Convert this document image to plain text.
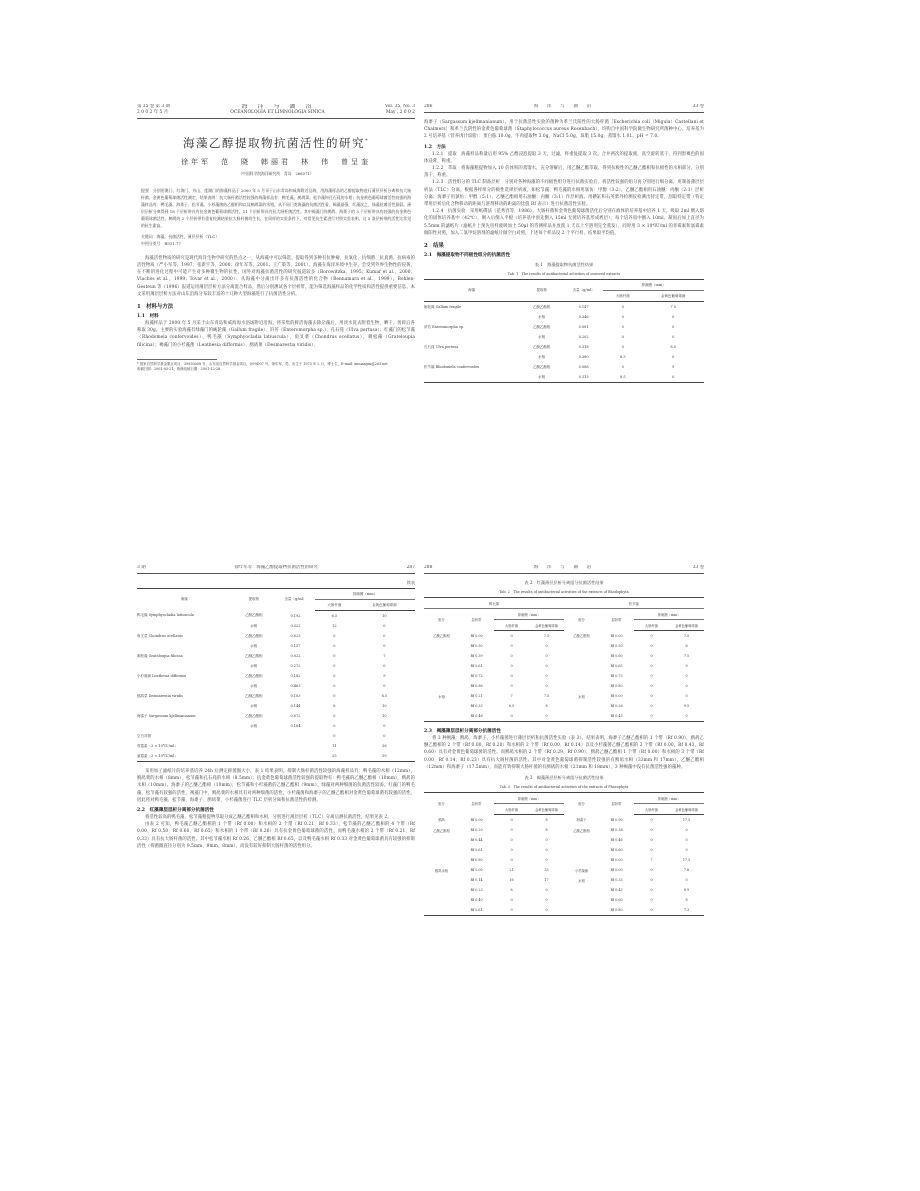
第 35 卷 第 3 期
2 0 0 2 年 5 月
海　洋　与　湖　沼
OCEANOLOGIA ET LIMNOLOGIA SINICA
Vol. 35, No. 3
May , 2 0 0 2
海藻乙醇提取物抗菌活性的研究*
徐年军　范　晓　韩丽君　林　伟　曾呈奎
（中国科学院海洋研究所　青岛　266071）

提要　分别用澳门、红海门、舟山、莲湖门的海藻样品于 2000 年 5 月采于山东青岛和威海附近沿海，用海藻样品的乙醇提取物进行薄层层析分离和抗大肠杆菌、金黄色葡萄球菌活性测定，结果表明：抗大肠杆菌活性较强的海藻样品有：鸭毛藻、鹧鸪菜、松节藻和孔石莼的水相；抗金黄色葡萄球菌活性较强的海藻样品有：鸭毛藻、海黍子、松节藻、小杉藻菌的乙醇相和以及鹧鸪菜的水相。从不同门类海藻的抗菌活性看，褐藻最强，红藻次之，绿藻抗菌活性最弱。薄层层析分离得到 18 个层析带具有抗金黄色葡萄球菌活性，11 个层析带具有抗大肠杆菌活性。其中褐藻门的鹧鸪、海黍子的 3 个层析带具有较强的抗金黄色葡萄球菌活性，鹧鸪的 2 个层析带有重复检测结果抗大肠杆菌的生长，在同样的实验条件下，对常见抗生素进行对照实验表明，这 5 条层析带的活性比常见的抗生素高。

关键词　海藻，抗菌活性，薄层层析（TLC）

中图分类号　R931.77

海藻活性物质的研究是现代海洋生物学研究的热点之一，从海藻中可以筛选、提取得到多种有抗肿瘤、抗氧化、抗细菌、抗真菌、抗病毒的活性物质（严小军等，1997；张新宇等，2000；徐年军等，2001；王广策等，2001）。海藻在海洋环境中生存，会受到外界生物性的侵袭，在不断的进化过程中可能产生对多种微生物的抗性，国外对海藻抗菌活性的研究报道较多（Borowitzka，1995；Kumar et al.，2000；Vlachos et al.，1999；Tovar et al.，2000）；从海藻中分离出许多有抗菌活性的化合物（Bennamara et al.，1999）。Bohlen-Gesteun 等（1996）报道运用薄层层析方法分离混合样品，然后分别测试各个层析带，能为筛选海藻样品的化学性质和活性提供重要信息。本文采用薄层层析方法对山东沿海分布较丰富的十几种大型海藻进行了抗菌活性分析。

1　材料与方法
1.1　材料

海藻样品于 2000 年 5 月采于山东青岛和威海海水浴场附近沿海。将采集的鲜活海藻去除杂藻后，用淡水洗去附着生物、晒干，剪碎后各称取 30g。主要的实验海藻有绿藻门的蛎轮藻（Gallum fragile）、浒苔（Enteromorpha sp.）、孔石莼（Ulva pertusa）；红藻门的松节藻（Rhodomela confervoides）、鸭毛藻（Symphyocladia latiuscula）、角叉菜（Chondrus ocellatus）、刺松藻（Grateloupia filicina）；褐藻门的小杉藻菌（Leathesia difformis）、鹧鸪菜（Desmarestia viridis）、

* 国家自然科学基金重点项目，39930008 号；山东省自然科学基金项目，Q99D07 号。徐年军，男，出生于 1975 年 2 月，博士生，E-mail: xunianjun@263.net
收稿日期：2001-03-21，收修改稿日期：2001-12-28
286	海　　洋　　与　　湖　　沼	33 卷

海黍子（Sargassum kjellmanianum）。用于抗菌活性实验的菌种为革兰氏阳性的大肠杆菌［Escherichia coli（Migula）Castellani et Chalmers］和革兰氏阴性的金黄色葡萄球菌（Staphylococcus aureus Rosenbach），均购自中国科学院微生物研究所菌种中心。培养基为 2 号培养基（营养肉汁琼脂）：蛋白胨 10.0g，牛肉提取物 3.0g，NaCl 5.0g，琼脂 15.0g，蒸馏水 1.0L，pH = 7.0。

1.2　方法

1.2.1　提取　海藻样品称量后用 95% 乙醇浸泡提取 3 天，过滤，将重复提取 3 次，合并两次的提取液，真空旋转蒸干，得到黑褐色的固体浸膏，称重。

1.2.2　萃取　将海藻粗提物加入 10 倍体积的蒸馏水，充分溶解后，用乙醚乙酯萃取，得到抗极性的乙醚乙酯相和抗极性的水相部分，分别蒸干，称重。

1.2.3　活性组分的 TLC 制备层析　分别对各种海藻的不同极性组分进行抗菌实验后，将活性较强的组分再分别进行细分离，用制备薄层层析法（TLC）分离。根据各样组分的极性选择层析液，如松节藻、鸭毛藻的水相用氯仿：甲醇（3:2），乙醚乙酯相用石油醚：丙酮（2:1）层析分离；海黍子用氯仿：甲醇（5:1），乙醚乙酯相用石油醚：丙酮（3:1）作层析液。用碘缸和石英紫外检测仪检测出特定带，刮取特定带（特定带用层析后化合物移动的距离与溶剂移动的距离的比值 Rf 表示）进行抗菌活性实验。

1.2.4　抗菌实验　采用纸碟法（范秀容等，1986）。大肠杆菌和金黄色葡萄球菌活化后分别在液体的培养基中培养 1 天，吸取 2ml 倒入熔化的固体培养基中（42℃），倒入后倒入平板（培养基中预先倒入 15ml 无菌培养基形成底层），每个培养皿中倒入 10ml。凝固后加上直径为 5.5mm 的滤纸片（滤纸片上预先用样液吸加上 50μl 的待测样品并放置 1 天以上至溶剂完全蒸发），同时用 3 × 10⁴IU/ml 的青霉素和氯霉素做阳性对照，加入二氯甲烷溶剂的滤纸片做空白对照，上述每个样品设 2 个平行样，结果取平均值。

2　结果
2.1　海藻提取物不同极性组分的抗菌活性
表 1　海藻提取物抗菌活性结果
Tab. 1　The results of antibacterial activities of seaweed extracts
海藻	提取物	含量（g/ml）	抑菌圈（mm）	
			大肠杆菌	金黄色葡萄球菌
蛎轮藻 Gallum fragile	乙醚乙酯相	0.147	0	7.5
	水相	0.346	0	0
浒苔 Enteromorpha sp.	乙醚乙酯相	0.081	0	0
	水相	0.202	0	0
孔石莼 Ulva pertusa	乙醚乙酯相	0.318	0	8.5
	水相	0.380	8.5	0
松节藻 Rhodomela confervoides	乙醚乙酯相	0.088	0	9
	水相	0.313	8.5	0
3 期	徐年军等：海藻乙醇提取物抗菌活性的研究	287
续表
海藻	提取物	含量（g/ml）	抑菌圈（mm）	
			大肠杆菌	金黄色葡萄球菌
鸭毛藻 Symphyocladia latiuscula	乙醚乙酯相	0.192	6.5	10
	水相	0.322	12	0
角叉菜 Chondrus ocellatus	乙醚乙酯相	0.023	0	0
	水相	0.157	0	0
刺松藻 Grateloupia filicina	乙醚乙酯相	0.022	0	7
	水相	0.272	0	0
小杉藻菌 Leathesia difformis	乙醚乙酯相	0.182	0	9
	水相	0.463	0	0
鹧鸪菜 Desmarestia viridis	乙醚乙酯相	0.103	0	8.5
	水相	0.144	8	10
海黍子 Sargassum kjellmanianum	乙醚乙酯相	0.072	0	10
	水相	0.184	0	0
空白对照			0	0
青霉素（3 × 10⁴IU/ml）			11	36
氯霉素（3 × 10⁴IU/ml）			25	39

采用加了滤纸片的培养基培养 24h 后测定抑菌圈大小，表 1 结果表明，抑制大肠杆菌活性较强的海藻样品有：鸭毛藻的水相（12mm），鹧鸪菜的水相（8mm），松节藻和孔石莼的水相（8.5mm）；抗金黄色葡萄球菌活性较强的提取物有：鸭毛藻的乙醚乙酯相（10mm），鹧鸪的水相（10mm），海黍子的乙醚乙酯相（10mm），松节藻和小杉藻菌的乙醚乙酯相（9mm）。绿藻对两种细菌的抗菌活性较弱。红藻门的鸭毛藻、松节藻有较强的活性，褐藻门中，鹧鸪菜的水相具有对两种细菌的活性，小杉藻菌和海黍子的乙醚乙酯相对金黄色葡萄球菌有较强的活性。因此将对鸭毛藻、松节藻、海黍子、鹧鸪菜、小杉藻菌进行 TLC 层析分离和抗菌活性的检测。

2.2　红藻薄层层析分离部分抗菌活性

将活性较高的鸭毛藻、松节藻粗提物萃取分成乙醚乙酯相和水相，分别进行薄层层析（TLC）分离后测抗菌活性，结果见表 2。

由表 2 可知，鸭毛藻乙醚乙酯相的 1 个带（Rf 0.00）和水相的 2 个带（Rf 0.21、Rf 0.33），松节藻的乙醚乙酯相的 4 个带（Rf 0.00、Rf 0.50、Rf 0.60、Rf 0.65）和水相的 1 个带（Rf 0.26）具有抗金黄色葡萄球菌的活性。而鸭毛藻水相的 2 个带（Rf 0.21、Rf 0.33）具有抗大肠杆菌的活性。其中松节藻水相 Rf 0.26、乙醚乙酯相 Rf 0.65，以及鸭毛藻水相 Rf 0.33 对金黄色葡萄球菌具有较强的抑制活性（抑菌圈直径分别为 9.5mm、9mm、8mm），而没有较好抑制大肠杆菌的活性组分。

288	海　　洋　　与　　湖　　沼	33 卷
表 2　红藻薄层层析分离组分抗菌活性结果
Tab. 2　The results of antibacterial activities of the extracts of Rhodophyta
鸭毛藻				松节藻			
组分	层析带	抑菌圈（mm）		组分	层析带	抑菌圈（mm）	
		大肠杆菌	金黄色葡萄球菌			大肠杆菌	金黄色葡萄球菌
乙醚乙酯相	Rf 0.00	0	7.5	乙醚乙酯相	Rf 0.00	0	7.5
	Rf 0.50	0	0		Rf 0.50	0	6
	Rf 0.39	0	0		Rf 0.60	0	7.5
	Rf 0.61	0	0		Rf 0.65	0	9
	Rf 0.72	0	0		Rf 0.73	0	0
	Rf 0.86	0	0		Rf 0.80	0	0
水相	Rf 0.21	7	7.5	水相	Rf 0.00	0	0
	Rf 0.33	6.5	8		Rf 0.26	0	9.5
	Rf 0.48	0	0		Rf 0.45	0	0
2.3　褐藻薄层层析分离部分抗菌活性

将 3 种褐藻：鹧鸪、海黍子、小杉藻菌进行薄层层析和抗菌活性实验（表 3），结果表明，海黍子乙醚乙酯相的 1 个带（Rf 0.90），鹧鸪乙醚乙酯相的 2 个带（Rf 0.00、Rf 0.20）和水相的 2 个带（Rf 0.00、Rf 0.14）以及小杉藻菌乙醚乙酯相的 3 个带（Rf 0.00、Rf 0.43、Rf 0.60）具有对金黄色葡萄球菌的活性。而鹧鸪水相的 2 个带（Rf 0.29、Rf 0.90），鹧鸪乙醚乙酯相 1 个带（Rf 0.00）和水相的 3 个带（Rf 0.00、Rf 0.14、Rf 0.23）具有抗大肠杆菌的活性。其中对金黄色葡萄球菌抑制活性较强的有鹧鸪水相（33mm 和 17mm），乙醚乙酯相（12mm）和海黍子（17.5mm），而能有效抑制大肠杆菌的有鹧鸪的水相（21mm 和 18mm），3 种褐藻中没有抗菌活性强的藻种。

表 3　褐藻薄层层析分离组分抗菌活性结果
Tab. 3　The results of antibacterial activities of the extracts of Phaeophyta
组分	层析带	抑菌圈（mm）		组分	层析带	抑菌圈（mm）	
		大肠杆菌	金黄色葡萄球菌			大肠杆菌	金黄色葡萄球菌
鹧鸪	Rf 0.00	0	8	海黍子	Rf 0.90	0	17.5
乙醚乙酯相	Rf 0.20	0	8	乙醚乙酯相	Rf 0.38	0	0
	Rf 0.44	0	0		Rf 0.46	0	0
	Rf 0.61	0	0		Rf 0.60	0	0
	Rf 0.80	0	0		Rf 0.00	7	17.5
鹧鸪水相	Rf 0.00	21	33	小杉藻菌	Rf 0.00	0	7.8
	Rf 0.14	16	17	水相	Rf 0.33	0	0
	Rf 0.23	8	0		Rf 0.43	0	8.9
	Rf 0.40	0	0		Rf 0.60	0	8
	Rf 0.61	0	0		Rf 0.80	0	7.3
